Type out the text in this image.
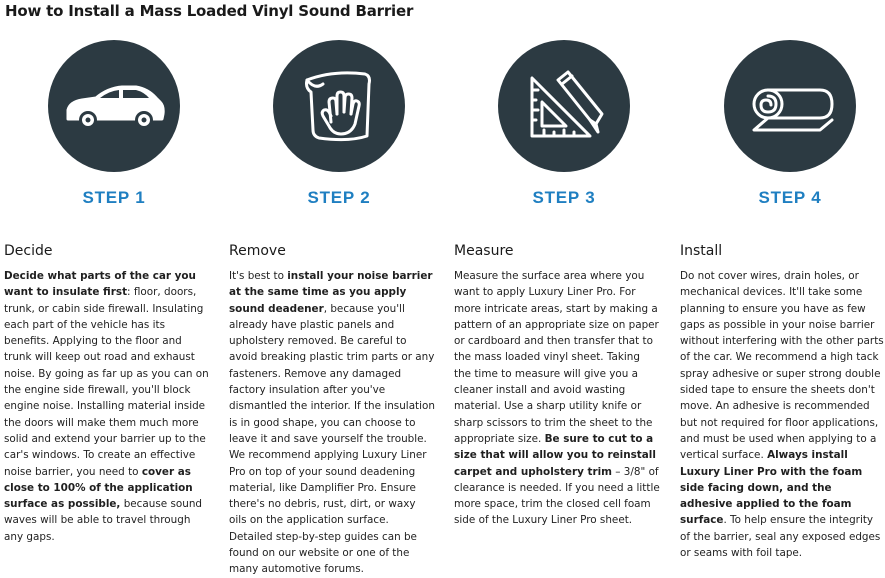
How to Install a Mass Loaded Vinyl Sound Barrier
STEP 1
Decide
Decide what parts of the car you want to insulate first: floor, doors, trunk, or cabin side firewall. Insulating each part of the vehicle has its benefits. Applying to the floor and trunk will keep out road and exhaust noise. By going as far up as you can on the engine side firewall, you'll block engine noise. Installing material inside the doors will make them much more solid and extend your barrier up to the car's windows. To create an effective noise barrier, you need to cover as close to 100% of the application surface as possible, because sound waves will be able to travel through any gaps.
STEP 2
Remove
It's best to install your noise barrier at the same time as you apply sound deadener, because you'll already have plastic panels and upholstery removed. Be careful to avoid breaking plastic trim parts or any fasteners. Remove any damaged factory insulation after you've dismantled the interior. If the insulation is in good shape, you can choose to leave it and save yourself the trouble. We recommend applying Luxury Liner Pro on top of your sound deadening material, like Damplifier Pro. Ensure there's no debris, rust, dirt, or waxy oils on the application surface. Detailed step-by-step guides can be found on our website or one of the many automotive forums.
STEP 3
Measure
Measure the surface area where you want to apply Luxury Liner Pro. For more intricate areas, start by making a pattern of an appropriate size on paper or cardboard and then transfer that to the mass loaded vinyl sheet. Taking the time to measure will give you a cleaner install and avoid wasting material. Use a sharp utility knife or sharp scissors to trim the sheet to the appropriate size. Be sure to cut to a size that will allow you to reinstall carpet and upholstery trim – 3/8" of clearance is needed. If you need a little more space, trim the closed cell foam side of the Luxury Liner Pro sheet.
STEP 4
Install
Do not cover wires, drain holes, or mechanical devices. It'll take some planning to ensure you have as few gaps as possible in your noise barrier without interfering with the other parts of the car. We recommend a high tack spray adhesive or super strong double sided tape to ensure the sheets don't move. An adhesive is recommended but not required for floor applications, and must be used when applying to a vertical surface. Always install Luxury Liner Pro with the foam side facing down, and the adhesive applied to the foam surface. To help ensure the integrity of the barrier, seal any exposed edges or seams with foil tape.
